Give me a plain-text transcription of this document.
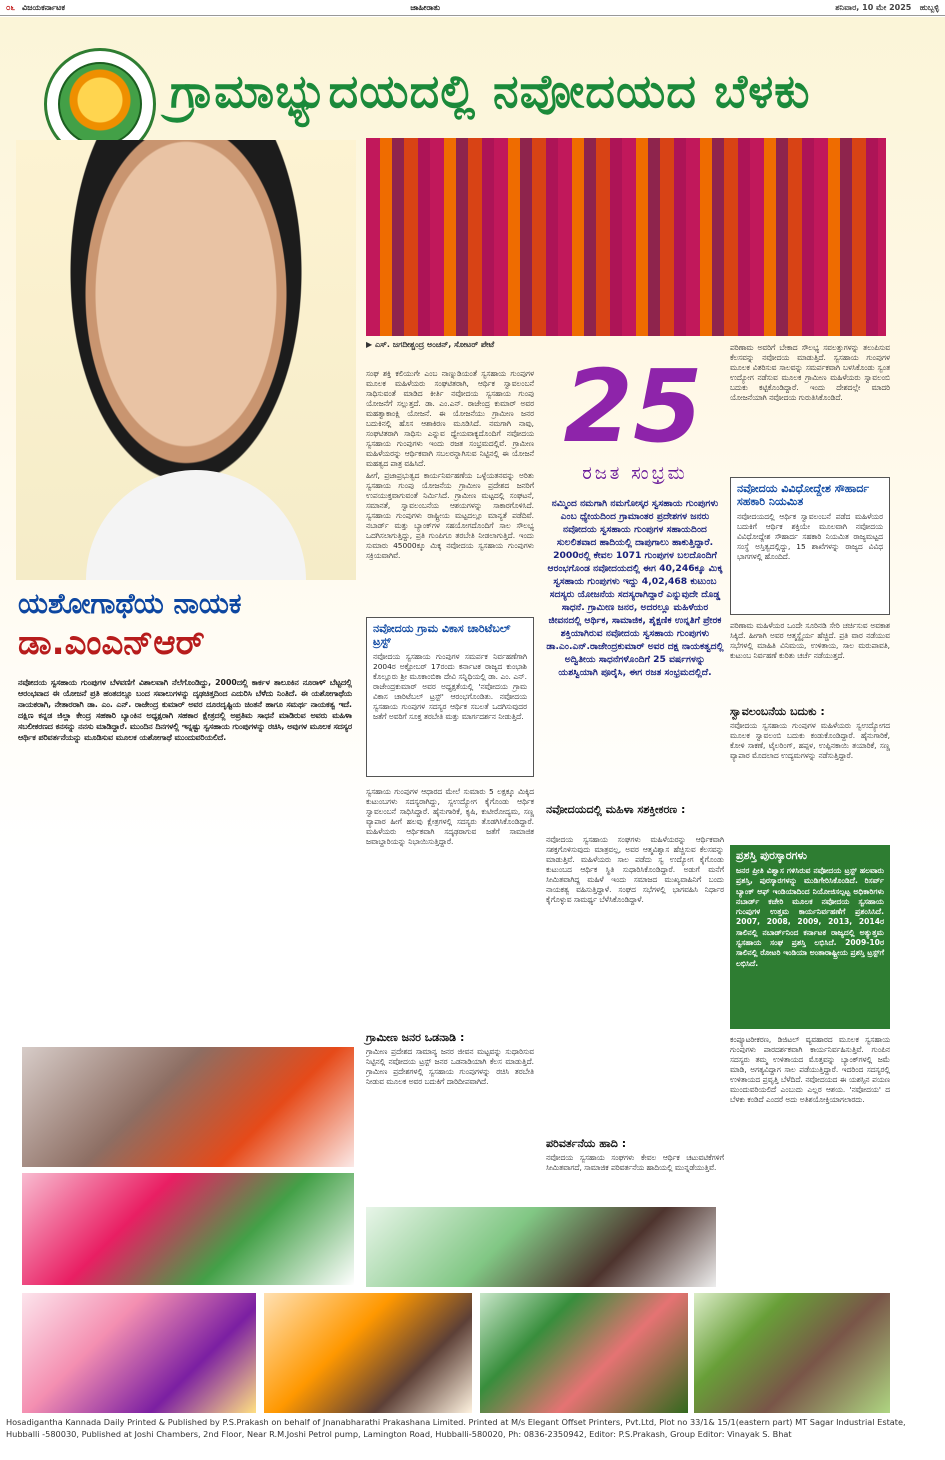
೦೬ ವಿಜಯಕರ್ನಾಟಕ	ಜಾಹೀರಾತು	ಶನಿವಾರ, 10 ಮೇ 2025 ಹುಬ್ಬಳ್ಳಿ
ಗ್ರಾಮಾಭ್ಯುದಯದಲ್ಲಿ ನವೋದಯದ ಬೆಳಕು
▶ ಎಸ್. ಜಗದೀಶ್ಚಂದ್ರ ಅಂಚನ್, ಸೋಟರ್ ಪೇಟೆ

ಸಂಘ ಶಕ್ತಿ ಕಲಿಯುಗೇ ಎಂಬ ನಾಣ್ನುಡಿಯಂತೆ ಸ್ವಸಹಾಯ ಗುಂಪುಗಳ ಮೂಲಕ ಮಹಿಳೆಯರು ಸಂಘಟಿತರಾಗಿ, ಆರ್ಥಿಕ ಸ್ವಾವಲಂಬನೆ ಸಾಧಿಸುವಂತೆ ಮಾಡಿದ ಕೀರ್ತಿ ನವೋದಯ ಸ್ವಸಹಾಯ ಗುಂಪು ಯೋಜನೆಗೆ ಸಲ್ಲುತ್ತದೆ. ಡಾ. ಎಂ.ಎನ್. ರಾಜೇಂದ್ರ ಕುಮಾರ್ ಅವರ ಮಹತ್ವಾಕಾಂಕ್ಷಿ ಯೋಜನೆ. ಈ ಯೋಜನೆಯು ಗ್ರಾಮೀಣ ಜನರ ಬದುಕಿನಲ್ಲಿ ಹೊಸ ಆಶಾಕಿರಣ ಮೂಡಿಸಿದೆ. ನಮಗಾಗಿ ನಾವು, ಸಂಘಟಿತರಾಗಿ ಸಾಧಿಸು ಎನ್ನುವ ಧ್ಯೇಯವಾಕ್ಯದೊಂದಿಗೆ ನವೋದಯ ಸ್ವಸಹಾಯ ಗುಂಪುಗಳು ಇಂದು ರಜತ ಸಂಭ್ರಮದಲ್ಲಿವೆ. ಗ್ರಾಮೀಣ ಮಹಿಳೆಯರನ್ನು ಆರ್ಥಿಕವಾಗಿ ಸಬಲರನ್ನಾಗಿಸುವ ನಿಟ್ಟಿನಲ್ಲಿ ಈ ಯೋಜನೆ ಮಹತ್ವದ ಪಾತ್ರ ವಹಿಸಿದೆ.

ಹೀಗೆ, ಪ್ರಜಾಪ್ರಭುತ್ವದ ಕಾರ್ಯನಿರ್ವಹಣೆಯ ಒಳ್ಳೆಯತನವನ್ನು ಅರಿತು ಸ್ವಸಹಾಯ ಗುಂಪು ಯೋಜನೆಯ ಗ್ರಾಮೀಣ ಪ್ರದೇಶದ ಜನರಿಗೆ ಉಪಯುಕ್ತವಾಗುವಂತೆ ನಿರ್ಮಿಸಿದೆ. ಗ್ರಾಮೀಣ ಮಟ್ಟದಲ್ಲಿ ಸಂಘಟನೆ, ಸಮಾನತೆ, ಸ್ವಾವಲಂಬನೆಯ ಆಶಯಗಳನ್ನು ಸಾಕಾರಗೊಳಿಸಿದೆ. ಸ್ವಸಹಾಯ ಗುಂಪುಗಳು ರಾಷ್ಟ್ರೀಯ ಮಟ್ಟದಲ್ಲೂ ಮಾನ್ಯತೆ ಪಡೆದಿವೆ. ನಬಾರ್ಡ್ ಮತ್ತು ಬ್ಯಾಂಕ್‌ಗಳ ಸಹಯೋಗದೊಂದಿಗೆ ಸಾಲ ಸೌಲಭ್ಯ ಒದಗಿಸಲಾಗುತ್ತಿದ್ದು, ಪ್ರತಿ ಗುಂಪಿಗೂ ತರಬೇತಿ ನೀಡಲಾಗುತ್ತಿದೆ. ಇಂದು ಸುಮಾರು 45000ಕ್ಕೂ ಮಿಕ್ಕ ನವೋದಯ ಸ್ವಸಹಾಯ ಗುಂಪುಗಳು ಸಕ್ರಿಯವಾಗಿವೆ.

25
ರಜತ ಸಂಭ್ರಮ
ನಮ್ಮಿಂದ ನಮಗಾಗಿ ನಮಗೋಸ್ಕರ ಸ್ವಸಹಾಯ ಗುಂಪುಗಳು ಎಂಬ ಧ್ಯೇಯದಿಂದ ಗ್ರಾಮಾಂತರ ಪ್ರದೇಶಗಳ ಜನರು ನವೋದಯ ಸ್ವಸಹಾಯ ಗುಂಪುಗಳ ಸಹಾಯದಿಂದ ಸುಲಲಿತವಾದ ಹಾದಿಯಲ್ಲಿ ದಾಪುಗಾಲು ಹಾಕುತ್ತಿದ್ದಾರೆ. 2000ರಲ್ಲಿ ಕೇವಲ 1071 ಗುಂಪುಗಳ ಬಲದೊಂದಿಗೆ ಆರಂಭಗೊಂಡ ನವೋದಯದಲ್ಲಿ ಈಗ 40,246ಕ್ಕೂ ಮಿಕ್ಕ ಸ್ವಸಹಾಯ ಗುಂಪುಗಳು ಇದ್ದು 4,02,468 ಕುಟುಂಬ ಸದಸ್ಯರು ಯೋಜನೆಯ ಸದಸ್ಯರಾಗಿದ್ದಾರೆ ಎನ್ನುವುದೇ ದೊಡ್ಡ ಸಾಧನೆ. ಗ್ರಾಮೀಣ ಜನರ, ಅದರಲ್ಲೂ ಮಹಿಳೆಯರ ಜೀವನದಲ್ಲಿ ಆರ್ಥಿಕ, ಸಾಮಾಜಿಕ, ಶೈಕ್ಷಣಿಕ ಉನ್ನತಿಗೆ ಪ್ರೇರಕ ಶಕ್ತಿಯಾಗಿರುವ ನವೋದಯ ಸ್ವಸಹಾಯ ಗುಂಪುಗಳು ಡಾ.ಎಂ.ಎನ್.ರಾಜೇಂದ್ರಕುಮಾರ್ ಅವರ ದಕ್ಷ ನಾಯಕತ್ವದಲ್ಲಿ ಅದ್ವಿತೀಯ ಸಾಧನೆಗಳೊಂದಿಗೆ 25 ವರ್ಷಗಳನ್ನು ಯಶಸ್ವಿಯಾಗಿ ಪೂರೈಸಿ, ಈಗ ರಜತ ಸಂಭ್ರಮದಲ್ಲಿದೆ.

ಪರಿಣಾಮ ಅವರಿಗೆ ಬೇಕಾದ ಸೌಲಭ್ಯ ಸವಲತ್ತುಗಳನ್ನು ತಲುಪಿಸುವ ಕೆಲಸವನ್ನು ನವೋದಯ ಮಾಡುತ್ತಿದೆ. ಸ್ವಸಹಾಯ ಗುಂಪುಗಳ ಮೂಲಕ ವಿತರಿಸುವ ಸಾಲವನ್ನು ಸಮರ್ಪಕವಾಗಿ ಬಳಸಿಕೊಂಡು ಸ್ವಂತ ಉದ್ಯೋಗ ನಡೆಸುವ ಮೂಲಕ ಗ್ರಾಮೀಣ ಮಹಿಳೆಯರು ಸ್ವಾವಲಂಬಿ ಬದುಕು ಕಟ್ಟಿಕೊಂಡಿದ್ದಾರೆ. ಇಂದು ದೇಶದಲ್ಲೇ ಮಾದರಿ ಯೋಜನೆಯಾಗಿ ನವೋದಯ ಗುರುತಿಸಿಕೊಂಡಿದೆ.

ನವೋದಯ ವಿವಿಧೋದ್ದೇಶ ಸೌಹಾರ್ದ ಸಹಕಾರಿ ನಿಯಮಿತ
ನವೋದಯದಲ್ಲಿ ಆರ್ಥಿಕ ಸ್ವಾವಲಂಬನೆ ಪಡೆದ ಮಹಿಳೆಯರ ಬದುಕಿಗೆ ಆರ್ಥಿಕ ಶಕ್ತಿಯೇ ಮೂಲವಾಗಿ ನವೋದಯ ವಿವಿಧೋದ್ದೇಶ ಸೌಹಾರ್ದ ಸಹಕಾರಿ ನಿಯಮಿತ ರಾಜ್ಯಮಟ್ಟದ ಸಂಸ್ಥೆ ಅಸ್ತಿತ್ವದಲ್ಲಿದ್ದು, 15 ಶಾಖೆಗಳನ್ನು ರಾಜ್ಯದ ವಿವಿಧ ಭಾಗಗಳಲ್ಲಿ ಹೊಂದಿದೆ.

ಪರಿಣಾಮ ಮಹಿಳೆಯರ ಒಂದೇ ಸೂರಿನಡಿ ಸೇರಿ ಚರ್ಚಿಸುವ ಅವಕಾಶ ಸಿಕ್ಕಿದೆ. ಹೀಗಾಗಿ ಅವರ ಆತ್ಮಸ್ಥೈರ್ಯ ಹೆಚ್ಚಿದೆ. ಪ್ರತಿ ವಾರ ನಡೆಯುವ ಸಭೆಗಳಲ್ಲಿ ಮಾಹಿತಿ ವಿನಿಮಯ, ಉಳಿತಾಯ, ಸಾಲ ಮರುಪಾವತಿ, ಕುಟುಂಬ ನಿರ್ವಹಣೆ ಕುರಿತು ಚರ್ಚೆ ನಡೆಯುತ್ತದೆ.

ಸ್ವಾವಲಂಬನೆಯ ಬದುಕು :

ನವೋದಯ ಸ್ವಸಹಾಯ ಗುಂಪುಗಳ ಮಹಿಳೆಯರು ಸ್ವಉದ್ಯೋಗದ ಮೂಲಕ ಸ್ವಾವಲಂಬಿ ಬದುಕು ಕಂಡುಕೊಂಡಿದ್ದಾರೆ. ಹೈನುಗಾರಿಕೆ, ಕೋಳಿ ಸಾಕಣೆ, ಟೈಲರಿಂಗ್, ಹಪ್ಪಳ, ಉಪ್ಪಿನಕಾಯಿ ತಯಾರಿಕೆ, ಸಣ್ಣ ವ್ಯಾಪಾರ ಮೊದಲಾದ ಉದ್ಯಮಗಳನ್ನು ನಡೆಸುತ್ತಿದ್ದಾರೆ.

ಪ್ರಶಸ್ತಿ ಪುರಸ್ಕಾರಗಳು
ಜನರ ಪ್ರೀತಿ ವಿಶ್ವಾಸ ಗಳಿಸಿರುವ ನವೋದಯ ಟ್ರಸ್ಟ್ ಹಲವಾರು ಪ್ರಶಸ್ತಿ, ಪುರಸ್ಕಾರಗಳನ್ನು ಮುಡಿಗೇರಿಸಿಕೊಂಡಿದೆ. ರಿಸರ್ವ್ ಬ್ಯಾಂಕ್ ಆಫ್ ಇಂಡಿಯಾದಿಂದ ನಿಯೋಜಿಸಲ್ಪಟ್ಟ ಅಧಿಕಾರಿಗಳು ನಬಾರ್ಡ್ ಕಚೇರಿ ಮೂಲಕ ನವೋದಯ ಸ್ವಸಹಾಯ ಗುಂಪುಗಳ ಉತ್ತಮ ಕಾರ್ಯನಿರ್ವಹಣೆಗೆ ಪ್ರಶಂಸಿಸಿದೆ. 2007, 2008, 2009, 2013, 2014ರ ಸಾಲಿನಲ್ಲಿ ನಬಾರ್ಡ್‌ನಿಂದ ಕರ್ನಾಟಕ ರಾಜ್ಯದಲ್ಲಿ ಅತ್ಯುತ್ತಮ ಸ್ವಸಹಾಯ ಸಂಘ ಪ್ರಶಸ್ತಿ ಲಭಿಸಿದೆ. 2009-10ರ ಸಾಲಿನಲ್ಲಿ ರೋಟರಿ ಇಂಡಿಯಾ ಅಂತಾರಾಷ್ಟ್ರೀಯ ಪ್ರಶಸ್ತಿ ಟ್ರಸ್ಟ್‌ಗೆ ಲಭಿಸಿದೆ.

ಕಂಪ್ಯೂಟರೀಕರಣ, ಡಿಜಿಟಲ್ ವ್ಯವಹಾರದ ಮೂಲಕ ಸ್ವಸಹಾಯ ಗುಂಪುಗಳು ಪಾರದರ್ಶಕವಾಗಿ ಕಾರ್ಯನಿರ್ವಹಿಸುತ್ತಿವೆ. ಗುಂಪಿನ ಸದಸ್ಯರು ತಮ್ಮ ಉಳಿತಾಯದ ಮೊತ್ತವನ್ನು ಬ್ಯಾಂಕ್‌ಗಳಲ್ಲಿ ಜಮೆ ಮಾಡಿ, ಅಗತ್ಯವಿದ್ದಾಗ ಸಾಲ ಪಡೆಯುತ್ತಿದ್ದಾರೆ. ಇದರಿಂದ ಸದಸ್ಯರಲ್ಲಿ ಉಳಿತಾಯದ ಪ್ರವೃತ್ತಿ ಬೆಳೆದಿದೆ. ನವೋದಯದ ಈ ಯಶಸ್ಸಿನ ಪಯಣ ಮುಂದುವರಿಯಲಿದೆ ಎಂಬುದು ಎಲ್ಲರ ಆಶಯ. 'ನವೋದಯ' ದ ಬೆಳಕು ಕಂಡಿದೆ ಎಂದರೆ ಅದು ಅತಿಶಯೋಕ್ತಿಯಾಗಲಾರದು.

ಯಶೋಗಾಥೆಯ ನಾಯಕ
ಡಾ.ಎಂಎನ್‌ಆರ್

ನವೋದಯ ಸ್ವಸಹಾಯ ಗುಂಪುಗಳ ಬೆಳವಣಿಗೆ ವಿಶಾಲವಾಗಿ ನೆಲೆಗೊಂಡಿದ್ದು, 2000ದಲ್ಲಿ ಕಾರ್ಕಳ ತಾಲೂಕಿನ ನೂರಾಳ್ ಬೆಟ್ಟದಲ್ಲಿ ಆರಂಭವಾದ ಈ ಯೋಜನೆ ಪ್ರತಿ ಹಂತದಲ್ಲೂ ಬಂದ ಸವಾಲುಗಳನ್ನು ದೃಢಚಿತ್ತದಿಂದ ಎದುರಿಸಿ ಬೆಳೆದು ನಿಂತಿದೆ. ಈ ಯಶೋಗಾಥೆಯ ನಾಯಕರಾಗಿ, ನೇತಾರರಾಗಿ ಡಾ. ಎಂ. ಎನ್. ರಾಜೇಂದ್ರ ಕುಮಾರ್ ಅವರ ದೂರದೃಷ್ಟಿಯ ಚಿಂತನೆ ಹಾಗೂ ಸಮರ್ಥ ನಾಯಕತ್ವ ಇದೆ. ದಕ್ಷಿಣ ಕನ್ನಡ ಜಿಲ್ಲಾ ಕೇಂದ್ರ ಸಹಕಾರಿ ಬ್ಯಾಂಕಿನ ಅಧ್ಯಕ್ಷರಾಗಿ ಸಹಕಾರ ಕ್ಷೇತ್ರದಲ್ಲಿ ಅಪ್ರತಿಮ ಸಾಧನೆ ಮಾಡಿರುವ ಅವರು ಮಹಿಳಾ ಸಬಲೀಕರಣದ ಕನಸನ್ನು ನನಸು ಮಾಡಿದ್ದಾರೆ. ಮುಂದಿನ ದಿನಗಳಲ್ಲಿ ಇನ್ನಷ್ಟು ಸ್ವಸಹಾಯ ಗುಂಪುಗಳನ್ನು ರಚಿಸಿ, ಅವುಗಳ ಮೂಲಕ ಸದಸ್ಯರ ಆರ್ಥಿಕ ಪರಿವರ್ತನೆಯನ್ನು ಮೂಡಿಸುವ ಮೂಲಕ ಯಶೋಗಾಥೆ ಮುಂದುವರಿಯಲಿದೆ.

ನವೋದಯ ಗ್ರಾಮ ವಿಕಾಸ ಚಾರಿಟೆಬಲ್ ಟ್ರಸ್ಟ್
ನವೋದಯ ಸ್ವಸಹಾಯ ಗುಂಪುಗಳ ಸಮರ್ಪಕ ನಿರ್ವಹಣೆಗಾಗಿ 2004ರ ಅಕ್ಟೋಬರ್ 17ರಂದು ಕರ್ನಾಟಕ ರಾಜ್ಯದ ಕುಂಭಾಶಿ ಕೊಲ್ಲೂರು ಶ್ರೀ ಮೂಕಾಂಬಿಕಾ ದೇವಿ ಸನ್ನಿಧಿಯಲ್ಲಿ ಡಾ. ಎಂ. ಎನ್. ರಾಜೇಂದ್ರಕುಮಾರ್ ಅವರ ಅಧ್ಯಕ್ಷತೆಯಲ್ಲಿ 'ನವೋದಯ ಗ್ರಾಮ ವಿಕಾಸ ಚಾರಿಟೆಬಲ್ ಟ್ರಸ್ಟ್' ಆರಂಭಗೊಂಡಿತು. ನವೋದಯ ಸ್ವಸಹಾಯ ಗುಂಪುಗಳ ಸದಸ್ಯರ ಆರ್ಥಿಕ ಸಬಲತೆ ಒದಗಿಸುವುದರ ಜತೆಗೆ ಅವರಿಗೆ ಸೂಕ್ತ ತರಬೇತಿ ಮತ್ತು ಮಾರ್ಗದರ್ಶನ ನೀಡುತ್ತಿದೆ.

ಸ್ವಸಹಾಯ ಗುಂಪುಗಳ ಆಧಾರದ ಮೇಲೆ ಸುಮಾರು 5 ಲಕ್ಷಕ್ಕೂ ಮಿಕ್ಕಿದ ಕುಟುಂಬಗಳು ಸದಸ್ಯರಾಗಿದ್ದು, ಸ್ವಉದ್ಯೋಗ ಕೈಗೊಂಡು ಆರ್ಥಿಕ ಸ್ವಾವಲಂಬನೆ ಸಾಧಿಸಿದ್ದಾರೆ. ಹೈನುಗಾರಿಕೆ, ಕೃಷಿ, ಕುಟೀರೋದ್ಯಮ, ಸಣ್ಣ ವ್ಯಾಪಾರ ಹೀಗೆ ಹಲವು ಕ್ಷೇತ್ರಗಳಲ್ಲಿ ಸದಸ್ಯರು ತೊಡಗಿಸಿಕೊಂಡಿದ್ದಾರೆ. ಮಹಿಳೆಯರು ಆರ್ಥಿಕವಾಗಿ ಸದೃಢರಾಗುವ ಜತೆಗೆ ಸಾಮಾಜಿಕ ಜವಾಬ್ದಾರಿಯನ್ನು ನಿಭಾಯಿಸುತ್ತಿದ್ದಾರೆ.

ಗ್ರಾಮೀಣ ಜನರ ಒಡನಾಡಿ :

ಗ್ರಾಮೀಣ ಪ್ರದೇಶದ ಸಾಮಾನ್ಯ ಜನರ ಜೀವನ ಮಟ್ಟವನ್ನು ಸುಧಾರಿಸುವ ನಿಟ್ಟಿನಲ್ಲಿ ನವೋದಯ ಟ್ರಸ್ಟ್ ಜನರ ಒಡನಾಡಿಯಾಗಿ ಕೆಲಸ ಮಾಡುತ್ತಿದೆ. ಗ್ರಾಮೀಣ ಪ್ರದೇಶಗಳಲ್ಲಿ ಸ್ವಸಹಾಯ ಗುಂಪುಗಳನ್ನು ರಚಿಸಿ ತರಬೇತಿ ನೀಡುವ ಮೂಲಕ ಅವರ ಬದುಕಿಗೆ ದಾರಿದೀಪವಾಗಿದೆ.

ನವೋದಯದಲ್ಲಿ ಮಹಿಳಾ ಸಶಕ್ತೀಕರಣ :

ನವೋದಯ ಸ್ವಸಹಾಯ ಸಂಘಗಳು ಮಹಿಳೆಯರನ್ನು ಆರ್ಥಿಕವಾಗಿ ಸಶಕ್ತಗೊಳಿಸುವುದು ಮಾತ್ರವಲ್ಲ, ಅವರ ಆತ್ಮವಿಶ್ವಾಸ ಹೆಚ್ಚಿಸುವ ಕೆಲಸವನ್ನು ಮಾಡುತ್ತಿವೆ. ಮಹಿಳೆಯರು ಸಾಲ ಪಡೆದು ಸ್ವ ಉದ್ಯೋಗ ಕೈಗೊಂಡು ಕುಟುಂಬದ ಆರ್ಥಿಕ ಸ್ಥಿತಿ ಸುಧಾರಿಸಿಕೊಂಡಿದ್ದಾರೆ. ಅಡುಗೆ ಮನೆಗೆ ಸೀಮಿತವಾಗಿದ್ದ ಮಹಿಳೆ ಇಂದು ಸಮಾಜದ ಮುಖ್ಯವಾಹಿನಿಗೆ ಬಂದು ನಾಯಕತ್ವ ವಹಿಸುತ್ತಿದ್ದಾಳೆ. ಸಂಘದ ಸಭೆಗಳಲ್ಲಿ ಭಾಗವಹಿಸಿ ನಿರ್ಧಾರ ಕೈಗೊಳ್ಳುವ ಸಾಮರ್ಥ್ಯ ಬೆಳೆಸಿಕೊಂಡಿದ್ದಾಳೆ.

ಪರಿವರ್ತನೆಯ ಹಾದಿ :

ನವೋದಯ ಸ್ವಸಹಾಯ ಸಂಘಗಳು ಕೇವಲ ಆರ್ಥಿಕ ಚಟುವಟಿಕೆಗಳಿಗೆ ಸೀಮಿತವಾಗದೆ, ಸಾಮಾಜಿಕ ಪರಿವರ್ತನೆಯ ಹಾದಿಯಲ್ಲಿ ಮುನ್ನಡೆಯುತ್ತಿವೆ.

Hosadigantha Kannada Daily Printed & Published by P.S.Prakash on behalf of Jnanabharathi Prakashana Limited. Printed at M/s Elegant Offset Printers, Pvt.Ltd, Plot no 33/1& 15/1(eastern part) MT Sagar Industrial Estate,
Hubballi -580030, Published at Joshi Chambers, 2nd Floor, Near R.M.Joshi Petrol pump, Lamington Road, Hubballi-580020, Ph: 0836-2350942, Editor: P.S.Prakash, Group Editor: Vinayak S. Bhat
